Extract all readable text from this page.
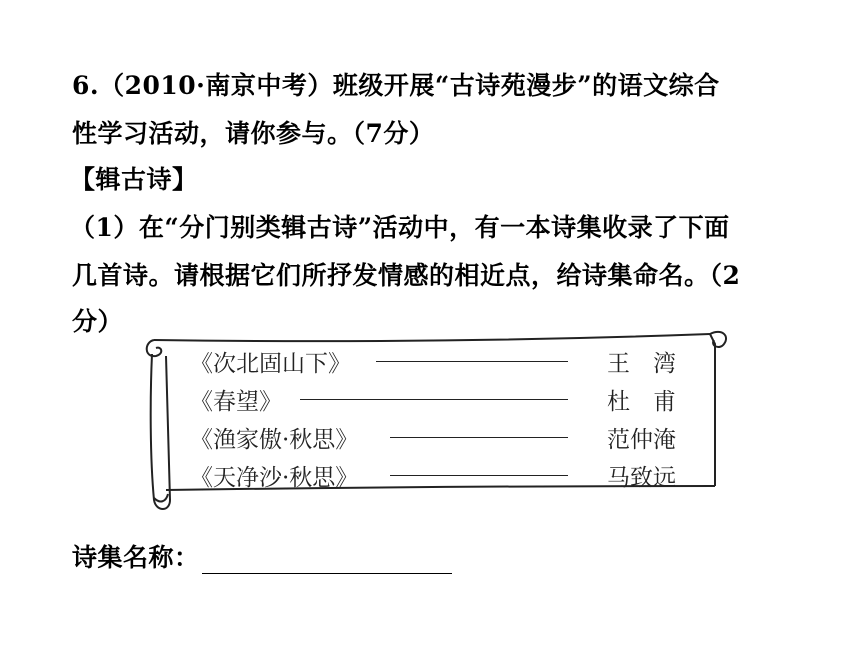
6.（2010·南京中考）班级开展“古诗苑漫步”的语文综合
性学习活动，请你参与。（7分）
【辑古诗】
（1）在“分门别类辑古诗”活动中，有一本诗集收录了下面
几首诗。请根据它们所抒发情感的相近点，给诗集命名。（2
分）
《次北固山下》	王　湾
《春望》	杜　甫
《渔家傲·秋思》	范仲淹
《天净沙·秋思》	马致远
诗集名称：
